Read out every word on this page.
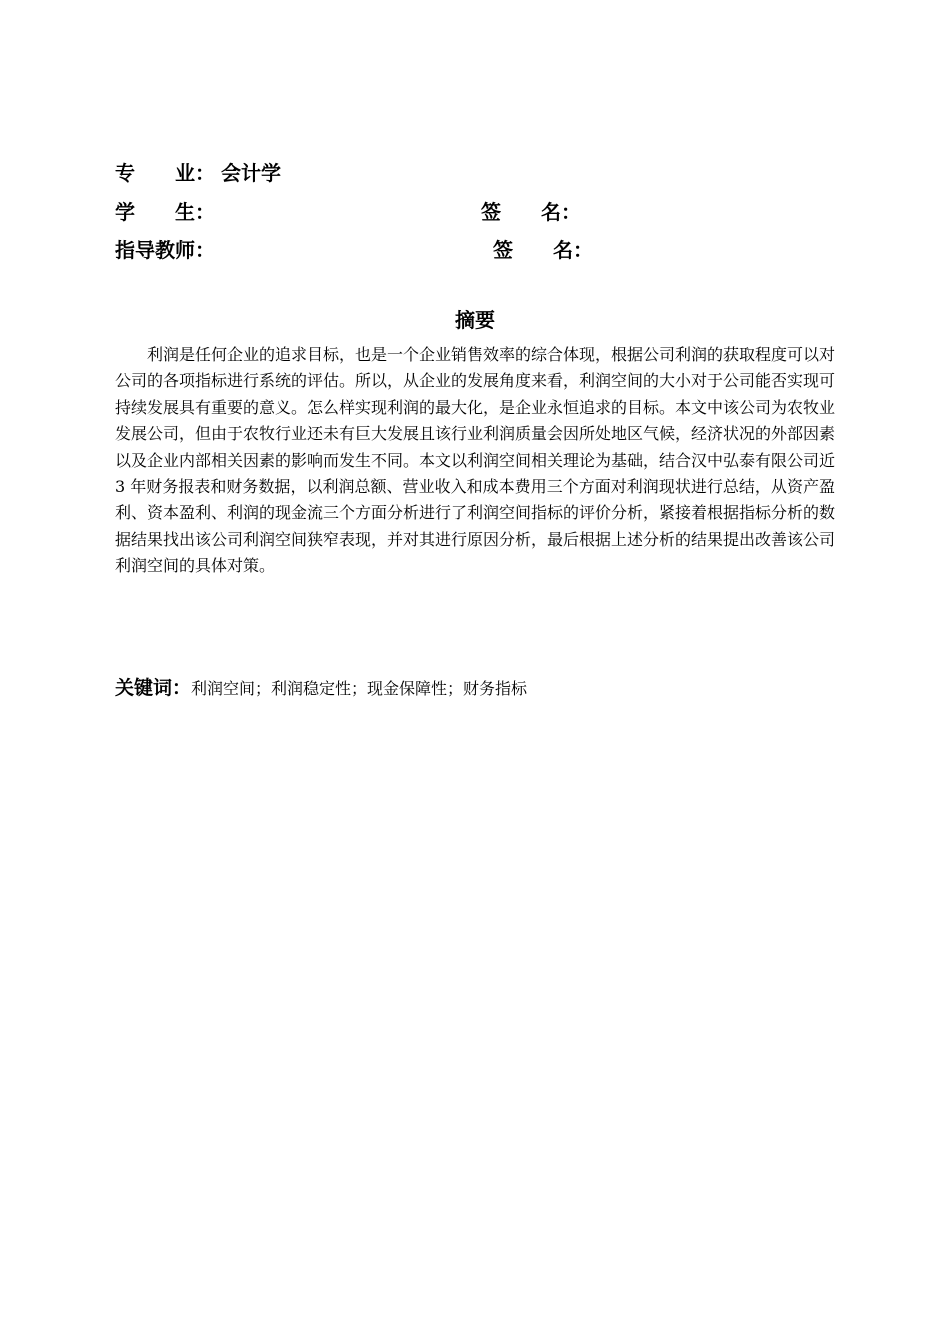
专　　业： 会计学
学　　生：	签　　名：
指导教师：	签　　名：
摘要

利润是任何企业的追求目标，也是一个企业销售效率的综合体现，根据公司利润的获取程度可以对公司的各项指标进行系统的评估。所以，从企业的发展角度来看，利润空间的大小对于公司能否实现可持续发展具有重要的意义。怎么样实现利润的最大化，是企业永恒追求的目标。本文中该公司为农牧业发展公司，但由于农牧行业还未有巨大发展且该行业利润质量会因所处地区气候，经济状况的外部因素以及企业内部相关因素的影响而发生不同。本文以利润空间相关理论为基础，结合汉中弘泰有限公司近 3 年财务报表和财务数据，以利润总额、营业收入和成本费用三个方面对利润现状进行总结，从资产盈利、资本盈利、利润的现金流三个方面分析进行了利润空间指标的评价分析，紧接着根据指标分析的数据结果找出该公司利润空间狭窄表现，并对其进行原因分析，最后根据上述分析的结果提出改善该公司利润空间的具体对策。

关键词：利润空间；利润稳定性；现金保障性；财务指标
